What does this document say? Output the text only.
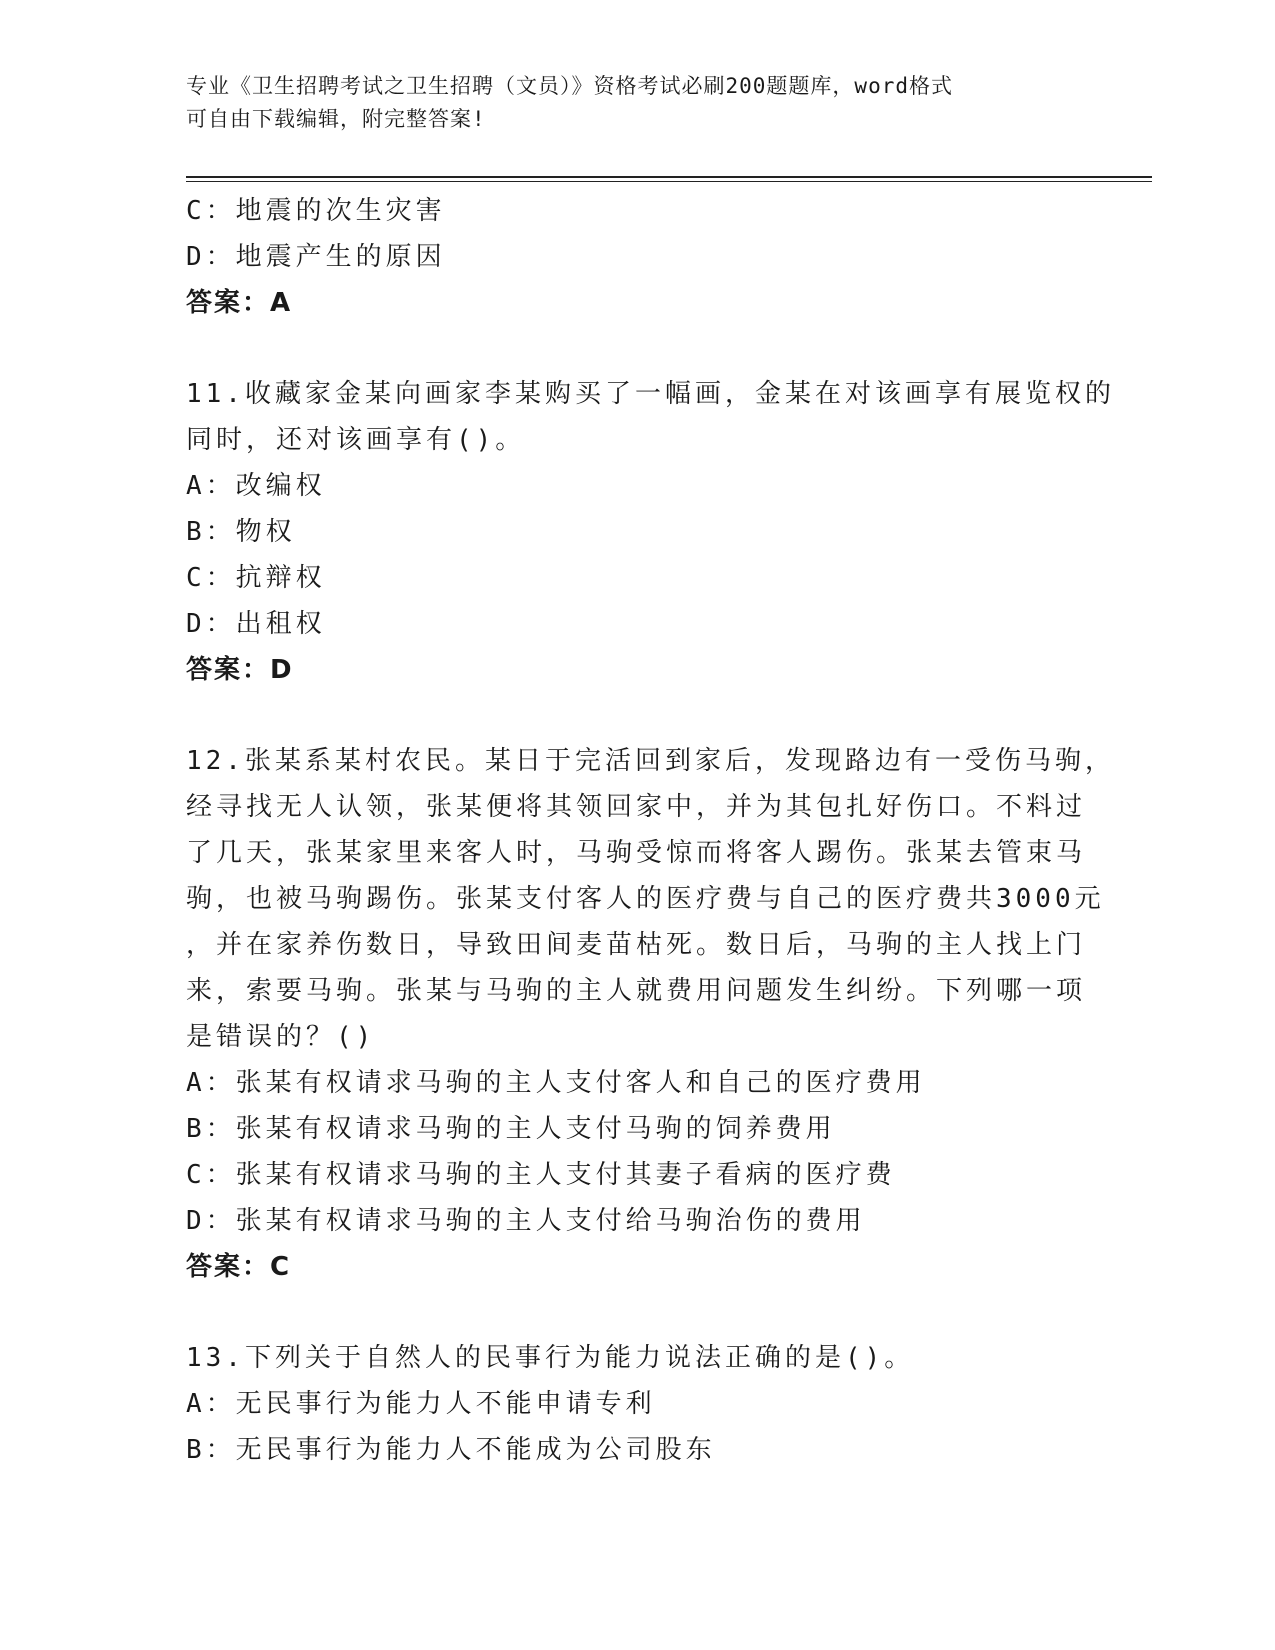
专业《卫生招聘考试之卫生招聘（文员）》资格考试必刷200题题库，word格式
可自由下载编辑，附完整答案!
C：地震的次生灾害
D：地震产生的原因
答案：A
11.收藏家金某向画家李某购买了一幅画，金某在对该画享有展览权的
同时，还对该画享有()。
A：改编权
B：物权
C：抗辩权
D：出租权
答案：D
12.张某系某村农民。某日于完活回到家后，发现路边有一受伤马驹，
经寻找无人认领，张某便将其领回家中，并为其包扎好伤口。不料过
了几天，张某家里来客人时，马驹受惊而将客人踢伤。张某去管束马
驹，也被马驹踢伤。张某支付客人的医疗费与自己的医疗费共3000元
，并在家养伤数日，导致田间麦苗枯死。数日后，马驹的主人找上门
来，索要马驹。张某与马驹的主人就费用问题发生纠纷。下列哪一项
是错误的？()
A：张某有权请求马驹的主人支付客人和自己的医疗费用
B：张某有权请求马驹的主人支付马驹的饲养费用
C：张某有权请求马驹的主人支付其妻子看病的医疗费
D：张某有权请求马驹的主人支付给马驹治伤的费用
答案：C
13.下列关于自然人的民事行为能力说法正确的是()。
A：无民事行为能力人不能申请专利
B：无民事行为能力人不能成为公司股东
